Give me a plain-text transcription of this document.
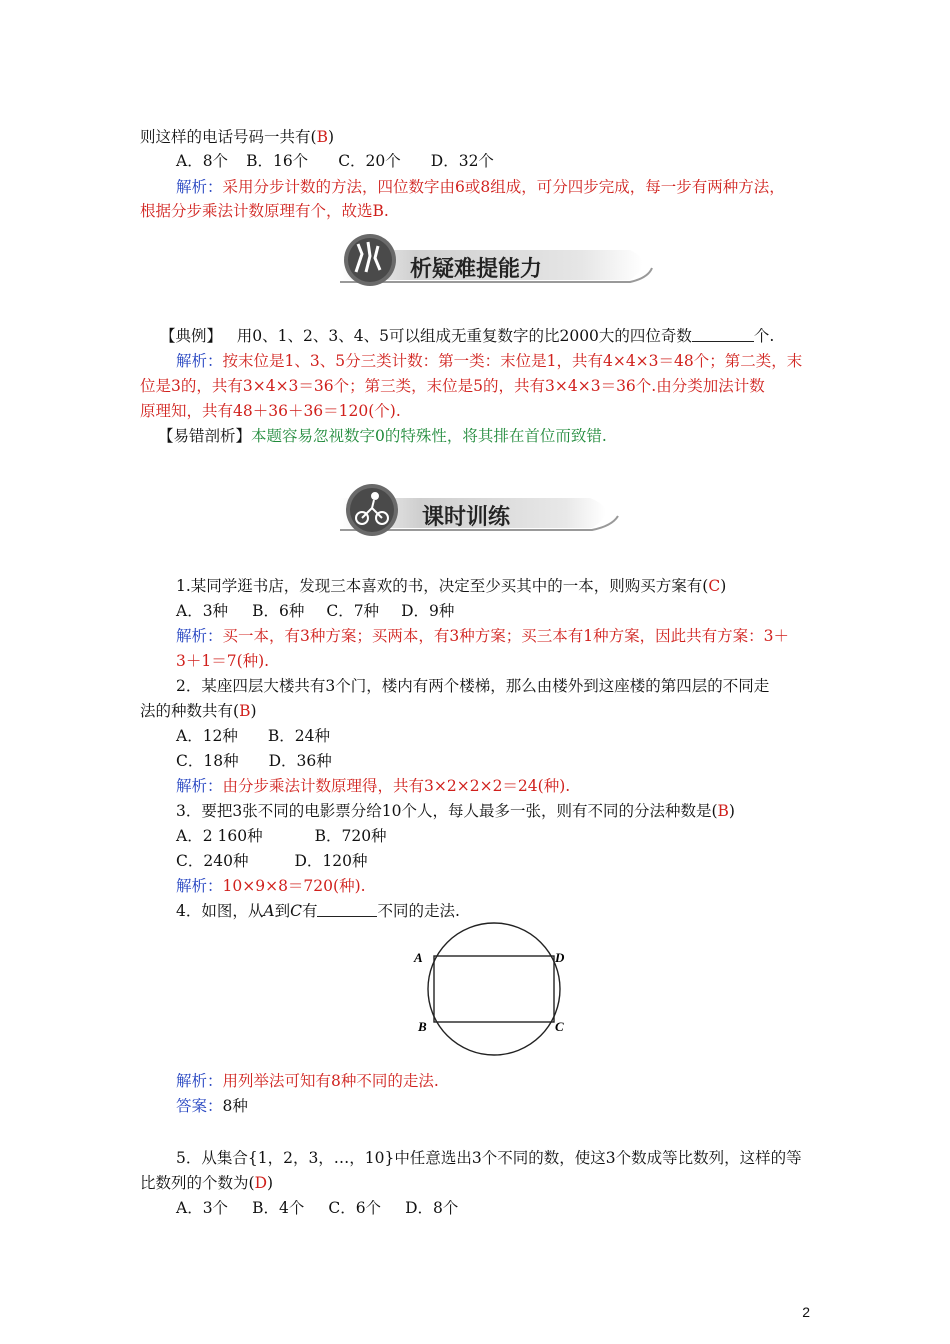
则这样的电话号码一共有(B)
A．8个 B．16个 C．20个 D．32个
解析：采用分步计数的方法，四位数字由6或8组成，可分四步完成，每一步有两种方法，
根据分步乘法计数原理有个，故选B.
析疑难提能力
【典例】 用0、1、2、3、4、5可以组成无重复数字的比2000大的四位奇数	个.
解析：按末位是1、3、5分三类计数：第一类：末位是1，共有4×4×3＝48个；第二类，末
位是3的，共有3×4×3＝36个；第三类，末位是5的，共有3×4×3＝36个.由分类加法计数
原理知，共有48＋36＋36＝120(个).
【易错剖析】本题容易忽视数字0的特殊性，将其排在首位而致错.
课时训练
1.某同学逛书店，发现三本喜欢的书，决定至少买其中的一本，则购买方案有(C)
A．3种 B．6种 C．7种 D．9种
解析：买一本，有3种方案；买两本，有3种方案；买三本有1种方案，因此共有方案：3＋
3＋1＝7(种).
2．某座四层大楼共有3个门，楼内有两个楼梯，那么由楼外到这座楼的第四层的不同走
法的种数共有(B)
A．12种 B．24种
C．18种 D．36种
解析：由分步乘法计数原理得，共有3×2×2×2＝24(种).
3．要把3张不同的电影票分给10个人，每人最多一张，则有不同的分法种数是(B)
A．2 160种	B．720种
C．240种	D．120种
解析：10×9×8＝720(种).
4．如图，从A到C有	不同的走法.
A	D
B	C
解析：用列举法可知有8种不同的走法.
答案：8种
5．从集合{1，2，3，…，10}中任意选出3个不同的数，使这3个数成等比数列，这样的等
比数列的个数为(D)
A．3个 B．4个 C．6个 D．8个
2
